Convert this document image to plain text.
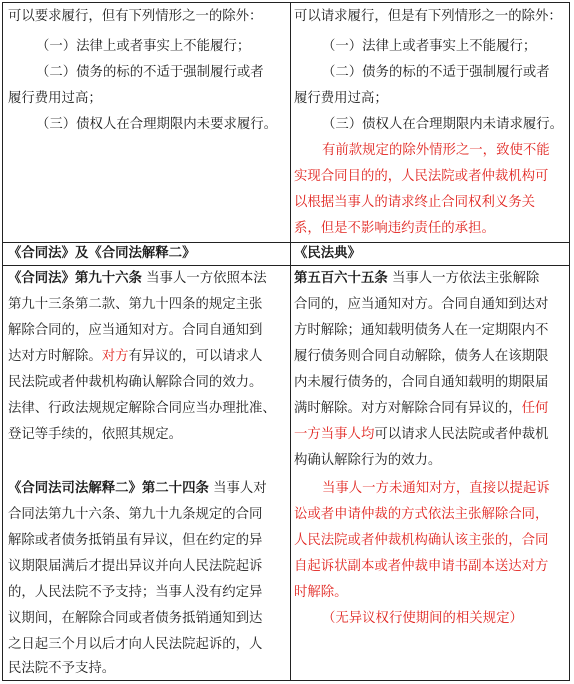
可以要求履行，但有下列情形之一的除外：
（一）法律上或者事实上不能履行；
（二）债务的标的不适于强制履行或者
履行费用过高；
（三）债权人在合理期限内未要求履行。
可以请求履行，但是有下列情形之一的除外：
（一）法律上或者事实上不能履行；
（二）债务的标的不适于强制履行或者
履行费用过高；
（三）债权人在合理期限内未请求履行。
有前款规定的除外情形之一，致使不能
实现合同目的的，人民法院或者仲裁机构可
以根据当事人的请求终止合同权利义务关
系，但是不影响违约责任的承担。
《合同法》及《合同法解释二》	《民法典》
《合同法》第九十六条 当事人一方依照本法
第九十三条第二款、第九十四条的规定主张
解除合同的，应当通知对方。合同自通知到
达对方时解除。对方有异议的，可以请求人
民法院或者仲裁机构确认解除合同的效力。
法律、行政法规规定解除合同应当办理批准、
登记等手续的，依照其规定。
《合同法司法解释二》第二十四条 当事人对
合同法第九十六条、第九十九条规定的合同
解除或者债务抵销虽有异议，但在约定的异
议期限届满后才提出异议并向人民法院起诉
的，人民法院不予支持；当事人没有约定异
议期间，在解除合同或者债务抵销通知到达
之日起三个月以后才向人民法院起诉的，人
民法院不予支持。
第五百六十五条 当事人一方依法主张解除
合同的，应当通知对方。合同自通知到达对
方时解除；通知载明债务人在一定期限内不
履行债务则合同自动解除，债务人在该期限
内未履行债务的，合同自通知载明的期限届
满时解除。对方对解除合同有异议的，任何
一方当事人均可以请求人民法院或者仲裁机
构确认解除行为的效力。
当事人一方未通知对方，直接以提起诉
讼或者申请仲裁的方式依法主张解除合同，
人民法院或者仲裁机构确认该主张的，合同
自起诉状副本或者仲裁申请书副本送达对方
时解除。
（无异议权行使期间的相关规定）
